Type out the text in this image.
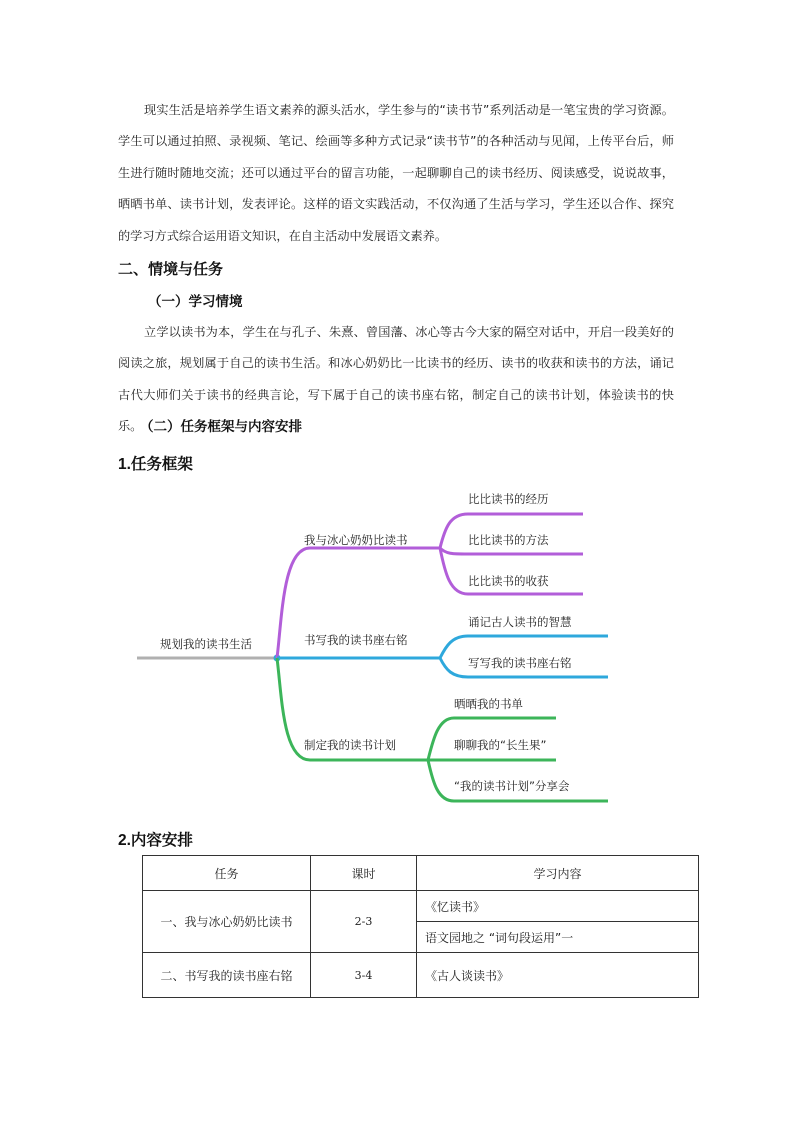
现实生活是培养学生语文素养的源头活水，学生参与的“读书节”系列活动是一笔宝贵的学习资源。学生可以通过拍照、录视频、笔记、绘画等多种方式记录“读书节”的各种活动与见闻，上传平台后，师生进行随时随地交流；还可以通过平台的留言功能，一起聊聊自己的读书经历、阅读感受，说说故事，晒晒书单、读书计划，发表评论。这样的语文实践活动，不仅沟通了生活与学习，学生还以合作、探究的学习方式综合运用语文知识，在自主活动中发展语文素养。
二、情境与任务
（一）学习情境
立学以读书为本，学生在与孔子、朱熹、曾国藩、冰心等古今大家的隔空对话中，开启一段美好的阅读之旅，规划属于自己的读书生活。和冰心奶奶比一比读书的经历、读书的收获和读书的方法，诵记古代大师们关于读书的经典言论，写下属于自己的读书座右铭，制定自己的读书计划，体验读书的快乐。
（二）任务框架与内容安排
1.任务框架
规划我的读书生活
我与冰心奶奶比读书
比比读书的经历
比比读书的方法
比比读书的收获
书写我的读书座右铭
诵记古人读书的智慧
写写我的读书座右铭
制定我的读书计划
晒晒我的书单
聊聊我的“长生果”
“我的读书计划”分享会
2.内容安排
任务	课时	学习内容
一、我与冰心奶奶比读书	2-3	《忆读书》
		语文园地之 “词句段运用”一
二、书写我的读书座右铭	3-4	《古人谈读书》
